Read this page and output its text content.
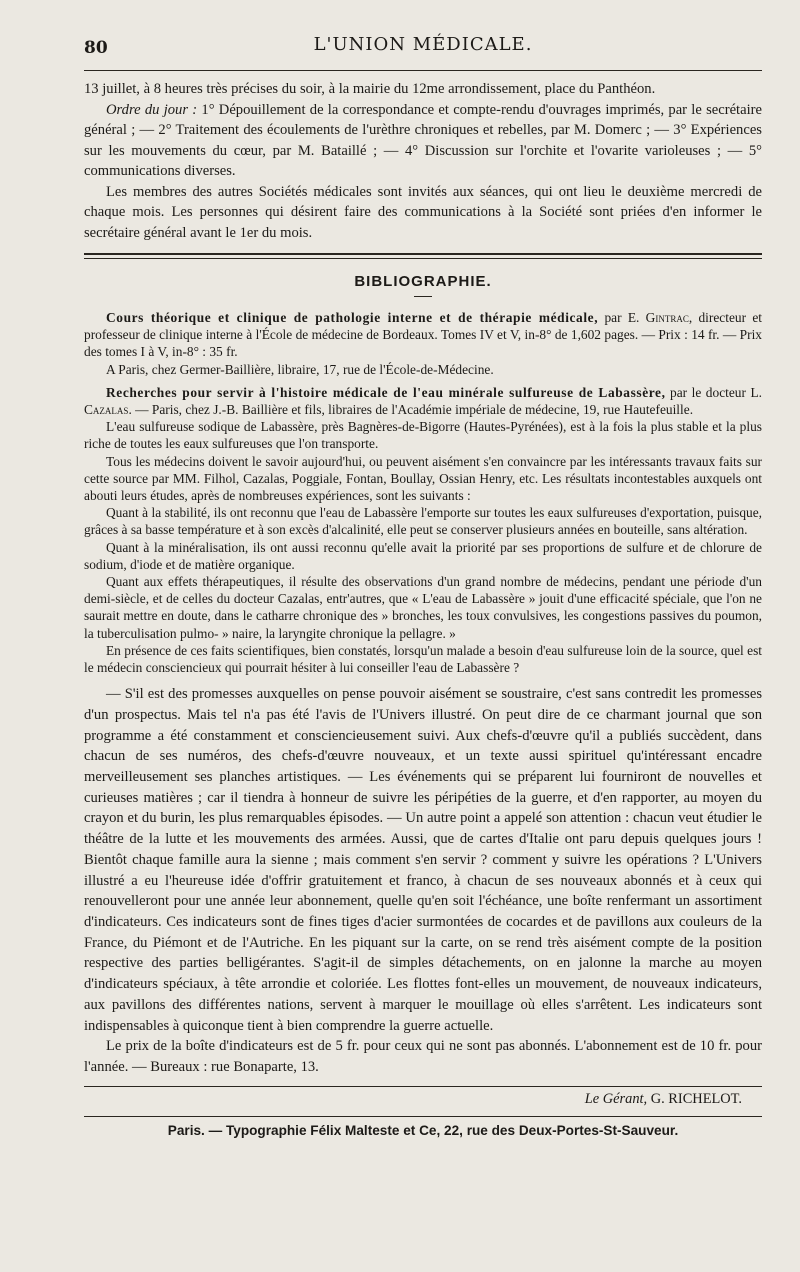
80	L'UNION MÉDICALE.

13 juillet, à 8 heures très précises du soir, à la mairie du 12me arrondissement, place du Panthéon.

Ordre du jour : 1° Dépouillement de la correspondance et compte-rendu d'ouvrages imprimés, par le secrétaire général ; — 2° Traitement des écoulements de l'urèthre chroniques et rebelles, par M. Domerc ; — 3° Expériences sur les mouvements du cœur, par M. Bataillé ; — 4° Discussion sur l'orchite et l'ovarite varioleuses ; — 5° communications diverses.

Les membres des autres Sociétés médicales sont invités aux séances, qui ont lieu le deuxième mercredi de chaque mois. Les personnes qui désirent faire des communications à la Société sont priées d'en informer le secrétaire général avant le 1er du mois.

BIBLIOGRAPHIE.

Cours théorique et clinique de pathologie interne et de thérapie médicale, par E. Gintrac, directeur et professeur de clinique interne à l'École de médecine de Bordeaux. Tomes IV et V, in-8° de 1,602 pages. — Prix : 14 fr. — Prix des tomes I à V, in-8° : 35 fr.

A Paris, chez Germer-Baillière, libraire, 17, rue de l'École-de-Médecine.

Recherches pour servir à l'histoire médicale de l'eau minérale sulfureuse de Labassère, par le docteur L. Cazalas. — Paris, chez J.-B. Baillière et fils, libraires de l'Académie impériale de médecine, 19, rue Hautefeuille.

L'eau sulfureuse sodique de Labassère, près Bagnères-de-Bigorre (Hautes-Pyrénées), est à la fois la plus stable et la plus riche de toutes les eaux sulfureuses que l'on transporte.

Tous les médecins doivent le savoir aujourd'hui, ou peuvent aisément s'en convaincre par les intéressants travaux faits sur cette source par MM. Filhol, Cazalas, Poggiale, Fontan, Boullay, Ossian Henry, etc. Les résultats incontestables auxquels ont abouti leurs études, après de nombreuses expériences, sont les suivants :

Quant à la stabilité, ils ont reconnu que l'eau de Labassère l'emporte sur toutes les eaux sulfureuses d'exportation, puisque, grâces à sa basse température et à son excès d'alcalinité, elle peut se conserver plusieurs années en bouteille, sans altération.

Quant à la minéralisation, ils ont aussi reconnu qu'elle avait la priorité par ses proportions de sulfure et de chlorure de sodium, d'iode et de matière organique.

Quant aux effets thérapeutiques, il résulte des observations d'un grand nombre de médecins, pendant une période d'un demi-siècle, et de celles du docteur Cazalas, entr'autres, que « L'eau de Labassère » jouit d'une efficacité spéciale, que l'on ne saurait mettre en doute, dans le catharre chronique des » bronches, les toux convulsives, les congestions passives du poumon, la tuberculisation pulmo- » naire, la laryngite chronique la pellagre. »

En présence de ces faits scientifiques, bien constatés, lorsqu'un malade a besoin d'eau sulfureuse loin de la source, quel est le médecin consciencieux qui pourrait hésiter à lui conseiller l'eau de Labassère ?

— S'il est des promesses auxquelles on pense pouvoir aisément se soustraire, c'est sans contredit les promesses d'un prospectus. Mais tel n'a pas été l'avis de l'Univers illustré. On peut dire de ce charmant journal que son programme a été constamment et consciencieusement suivi. Aux chefs-d'œuvre qu'il a publiés succèdent, dans chacun de ses numéros, des chefs-d'œuvre nouveaux, et un texte aussi spirituel qu'intéressant encadre merveilleusement ses planches artistiques. — Les événements qui se préparent lui fourniront de nouvelles et curieuses matières ; car il tiendra à honneur de suivre les péripéties de la guerre, et d'en rapporter, au moyen du crayon et du burin, les plus remarquables épisodes. — Un autre point a appelé son attention : chacun veut étudier le théâtre de la lutte et les mouvements des armées. Aussi, que de cartes d'Italie ont paru depuis quelques jours ! Bientôt chaque famille aura la sienne ; mais comment s'en servir ? comment y suivre les opérations ? L'Univers illustré a eu l'heureuse idée d'offrir gratuitement et franco, à chacun de ses nouveaux abonnés et à ceux qui renouvelleront pour une année leur abonnement, quelle qu'en soit l'échéance, une boîte renfermant un assortiment d'indicateurs. Ces indicateurs sont de fines tiges d'acier surmontées de cocardes et de pavillons aux couleurs de la France, du Piémont et de l'Autriche. En les piquant sur la carte, on se rend très aisément compte de la position respective des parties belligérantes. S'agit-il de simples détachements, on en jalonne la marche au moyen d'indicateurs spéciaux, à tête arrondie et coloriée. Les flottes font-elles un mouvement, de nouveaux indicateurs, aux pavillons des différentes nations, servent à marquer le mouillage où elles s'arrêtent. Les indicateurs sont indispensables à quiconque tient à bien comprendre la guerre actuelle.

Le prix de la boîte d'indicateurs est de 5 fr. pour ceux qui ne sont pas abonnés. L'abonnement est de 10 fr. pour l'année. — Bureaux : rue Bonaparte, 13.

Le Gérant, G. RICHELOT.
Paris. — Typographie Félix Malteste et Ce, 22, rue des Deux-Portes-St-Sauveur.
